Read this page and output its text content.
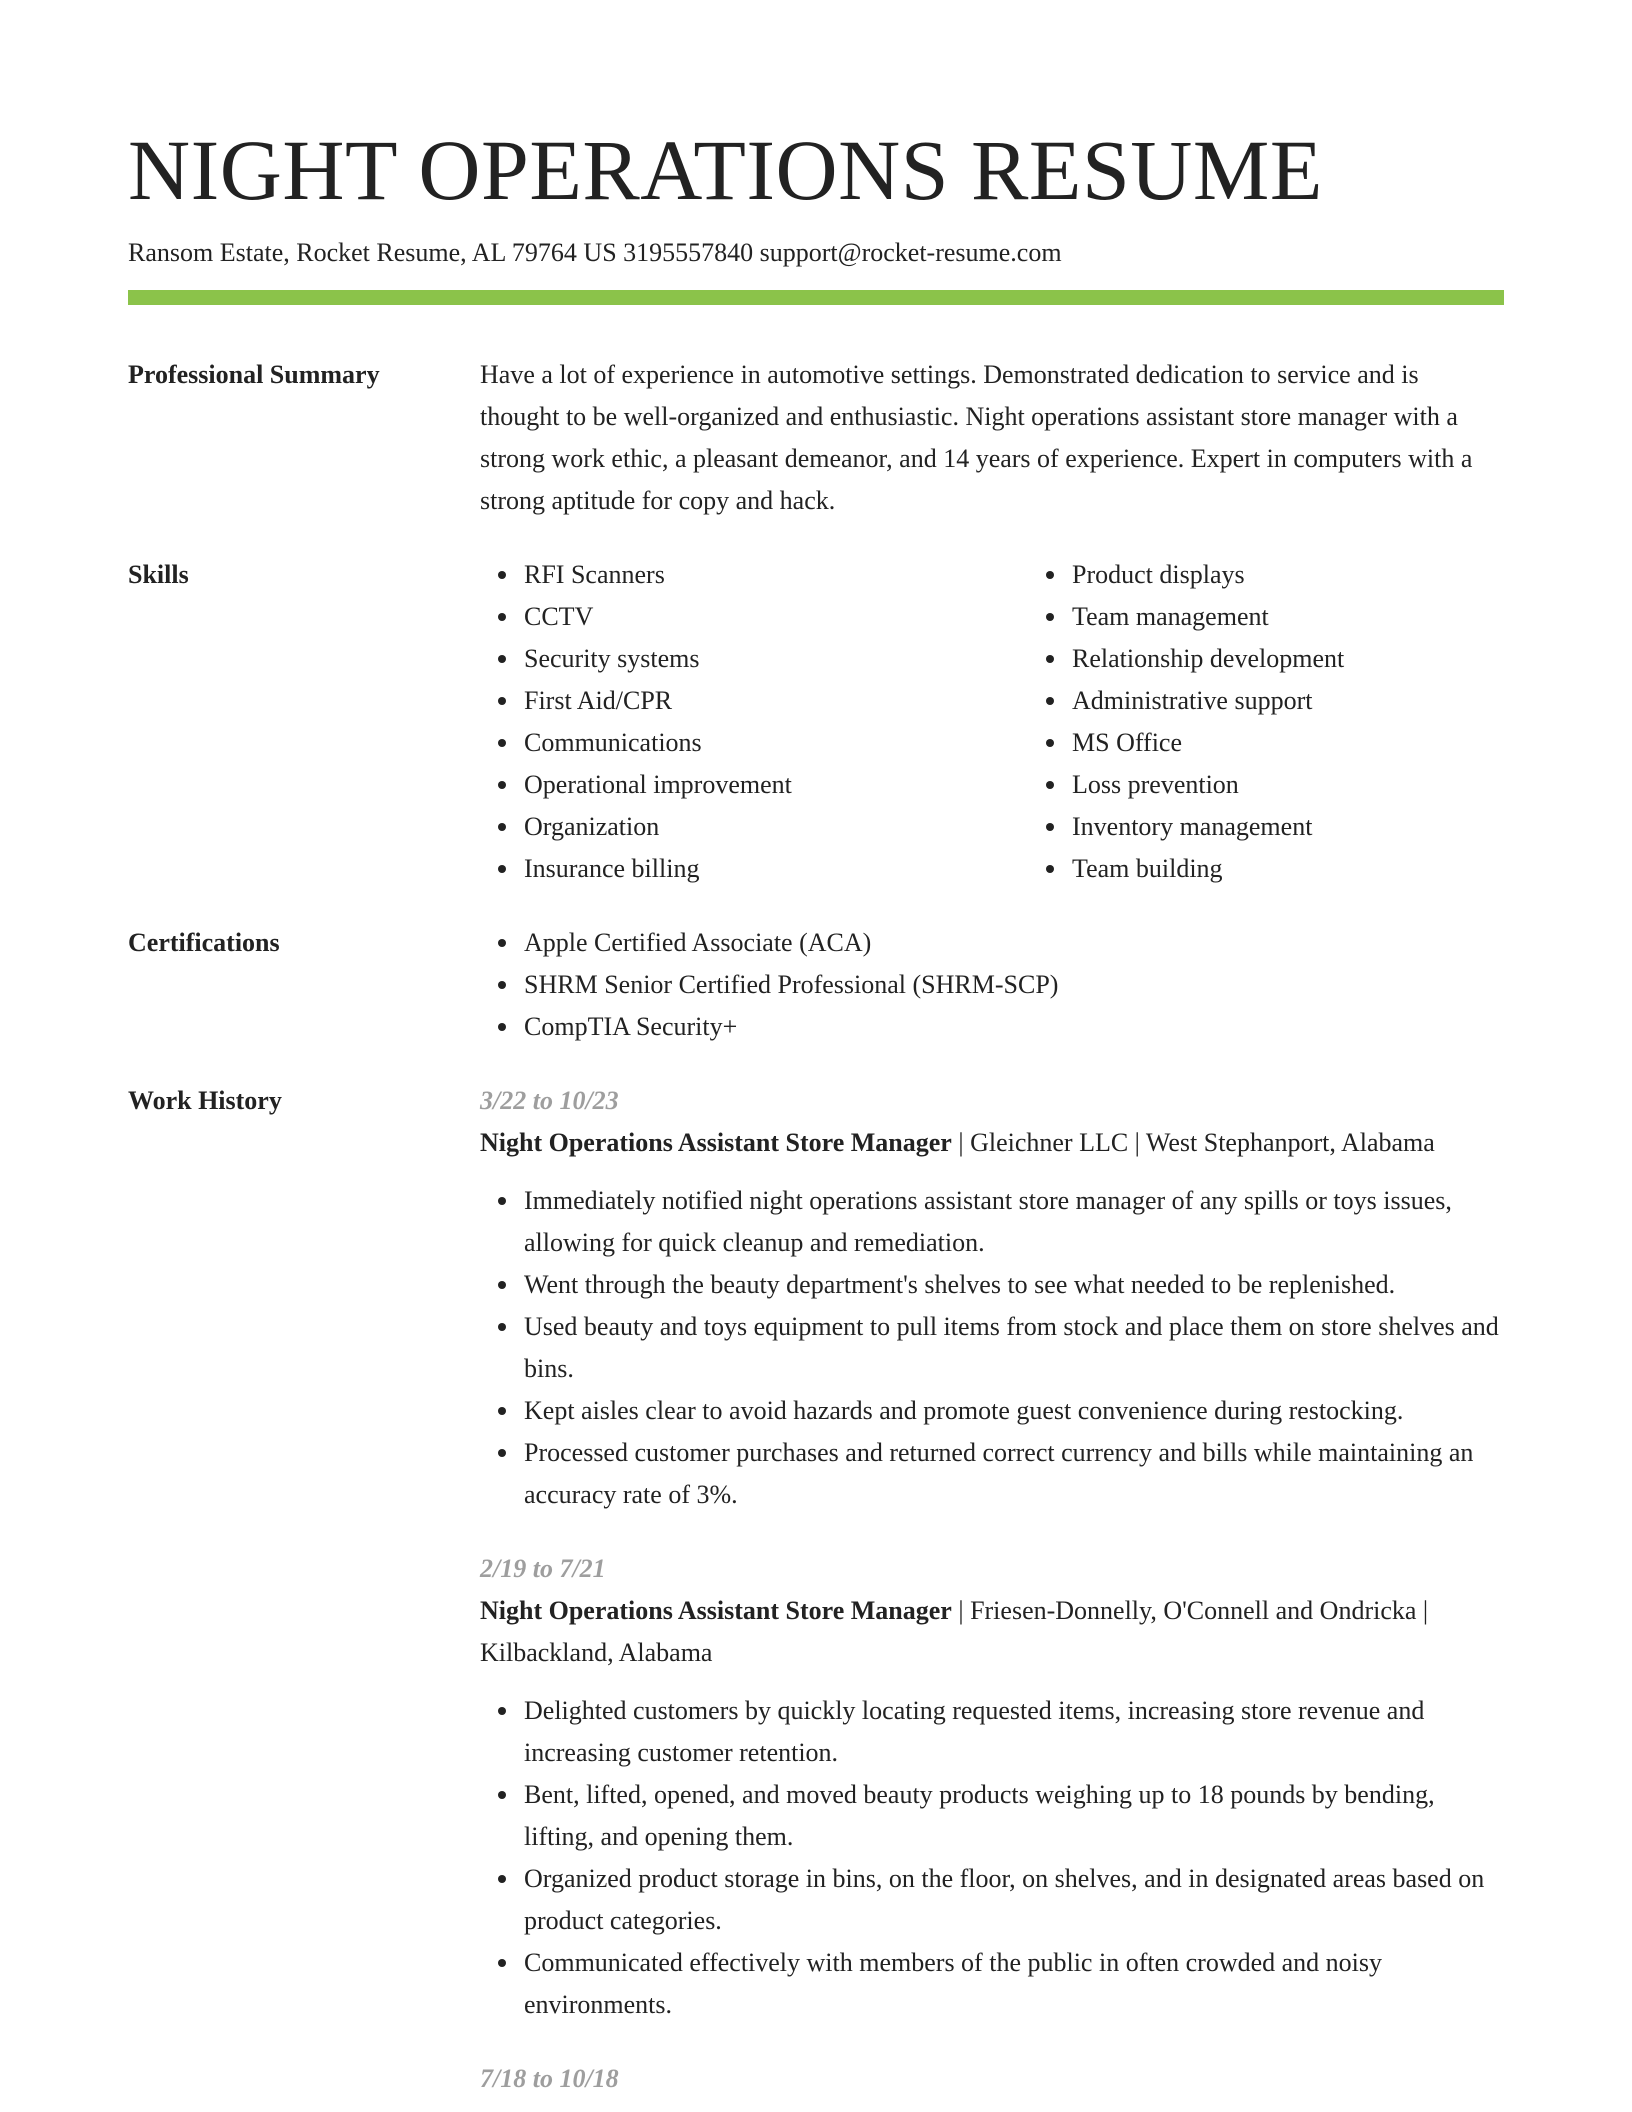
NIGHT OPERATIONS RESUME
Ransom Estate, Rocket Resume, AL 79764 US 3195557840 support@rocket-resume.com
Professional Summary	Have a lot of experience in automotive settings. Demonstrated dedication to service and is thought to be well-organized and enthusiastic. Night operations assistant store manager with a strong work ethic, a pleasant demeanor, and 14 years of experience. Expert in computers with a strong aptitude for copy and hack.

Skills	RFI Scanners
CCTV
Security systems
First Aid/CPR
Communications
Operational improvement
Organization
Insurance billing
Product displays
Team management
Relationship development
Administrative support
MS Office
Loss prevention
Inventory management
Team building
Certifications	Apple Certified Associate (ACA)
SHRM Senior Certified Professional (SHRM-SCP)
CompTIA Security+
Work History	3/22 to 10/23
Night Operations Assistant Store Manager | Gleichner LLC | West Stephanport, Alabama
Immediately notified night operations assistant store manager of any spills or toys issues, allowing for quick cleanup and remediation.
Went through the beauty department's shelves to see what needed to be replenished.
Used beauty and toys equipment to pull items from stock and place them on store shelves and bins.
Kept aisles clear to avoid hazards and promote guest convenience during restocking.
Processed customer purchases and returned correct currency and bills while maintaining an accuracy rate of 3%.
2/19 to 7/21
Night Operations Assistant Store Manager | Friesen-Donnelly, O'Connell and Ondricka | Kilbackland, Alabama
Delighted customers by quickly locating requested items, increasing store revenue and increasing customer retention.
Bent, lifted, opened, and moved beauty products weighing up to 18 pounds by bending, lifting, and opening them.
Organized product storage in bins, on the floor, on shelves, and in designated areas based on product categories.
Communicated effectively with members of the public in often crowded and noisy environments.
7/18 to 10/18
